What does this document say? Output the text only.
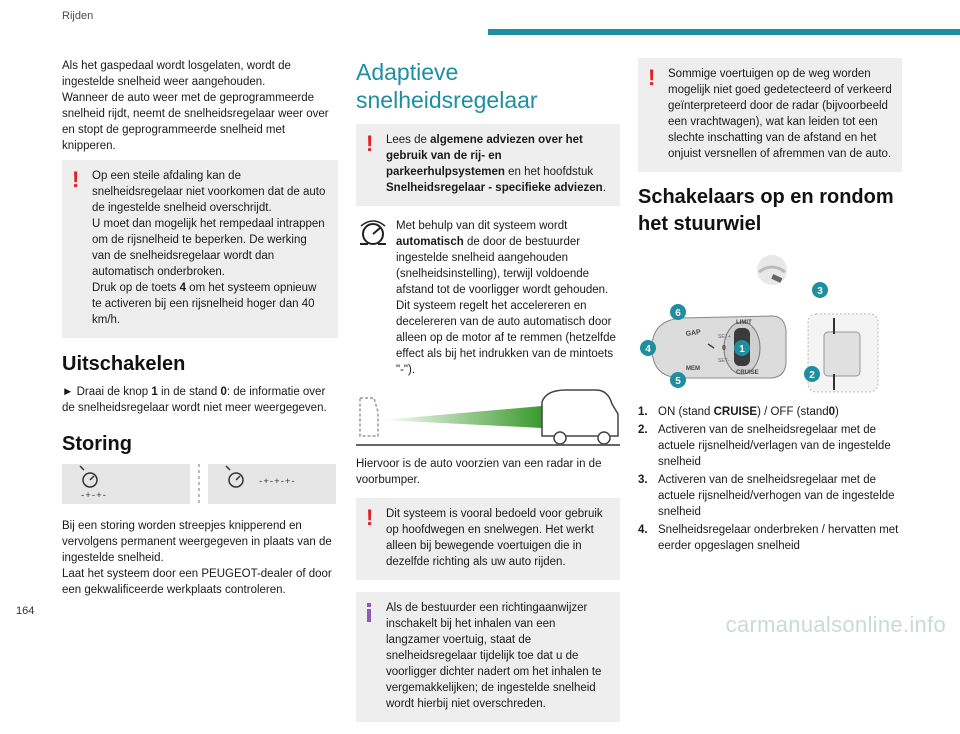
Rijden
Als het gaspedaal wordt losgelaten, wordt de ingestelde snelheid weer aangehouden.
Wanneer de auto weer met de geprogrammeerde snelheid rijdt, neemt de snelheidsregelaar weer over en stopt de geprogrammeerde snelheid met knipperen.
! Op een steile afdaling kan de snelheidsregelaar niet voorkomen dat de auto de ingestelde snelheid overschrijdt.
U moet dan mogelijk het rempedaal intrappen om de rijsnelheid te beperken. De werking van de snelheidsregelaar wordt dan automatisch onderbroken.
Druk op de toets 4 om het systeem opnieuw te activeren bij een rijsnelheid hoger dan 40 km/h.
Uitschakelen
► Draai de knop 1 in de stand 0: de informatie over de snelheidsregelaar wordt niet meer weergegeven.
Storing
-+-+-
-+-+-+-
Bij een storing worden streepjes knipperend en vervolgens permanent weergegeven in plaats van de ingestelde snelheid.
Laat het systeem door een PEUGEOT-dealer of door een gekwalificeerde werkplaats controleren.
Adaptieve snelheidsregelaar
!	Lees de algemene adviezen over het gebruik van de rij- en parkeerhulpsystemen en het hoofdstuk Snelheidsregelaar - specifieke adviezen.
Met behulp van dit systeem wordt automatisch de door de bestuurder ingestelde snelheid aangehouden (snelheidsinstelling), terwijl voldoende afstand tot de voorligger wordt gehouden. Dit systeem regelt het accelereren en decelereren van de auto automatisch door alleen op de motor af te remmen (hetzelfde effect als bij het indrukken van de mintoets "-").
Hiervoor is de auto voorzien van een radar in de voorbumper.
!	Dit systeem is vooral bedoeld voor gebruik op hoofdwegen en snelwegen. Het werkt alleen bij bewegende voertuigen die in dezelfde richting als uw auto rijden.
Als de bestuurder een richtingaanwijzer inschakelt bij het inhalen van een langzamer voertuig, staat de snelheidsregelaar tijdelijk toe dat u de voorligger dichter nadert om het inhalen te vergemakkelijken; de ingestelde snelheid wordt hierbij niet overschreden.
!	Sommige voertuigen op de weg worden mogelijk niet goed gedetecteerd of verkeerd geïnterpreteerd door de radar (bijvoorbeeld een vrachtwagen), wat kan leiden tot een slechte inschatting van de afstand en het onjuist versnellen of afremmen van de auto.
Schakelaars op en rondom het stuurwiel
GAP
LIMIT
CRUISE
MEM
0
SET+
SET-
1
2
3
4
5
6
1. ON (stand CRUISE) / OFF (stand0)
2. Activeren van de snelheidsregelaar met de actuele rijsnelheid/verlagen van de ingestelde snelheid
3. Activeren van de snelheidsregelaar met de actuele rijsnelheid/verhogen van de ingestelde snelheid
4. Snelheidsregelaar onderbreken / hervatten met eerder opgeslagen snelheid
164
carmanualsonline.info
